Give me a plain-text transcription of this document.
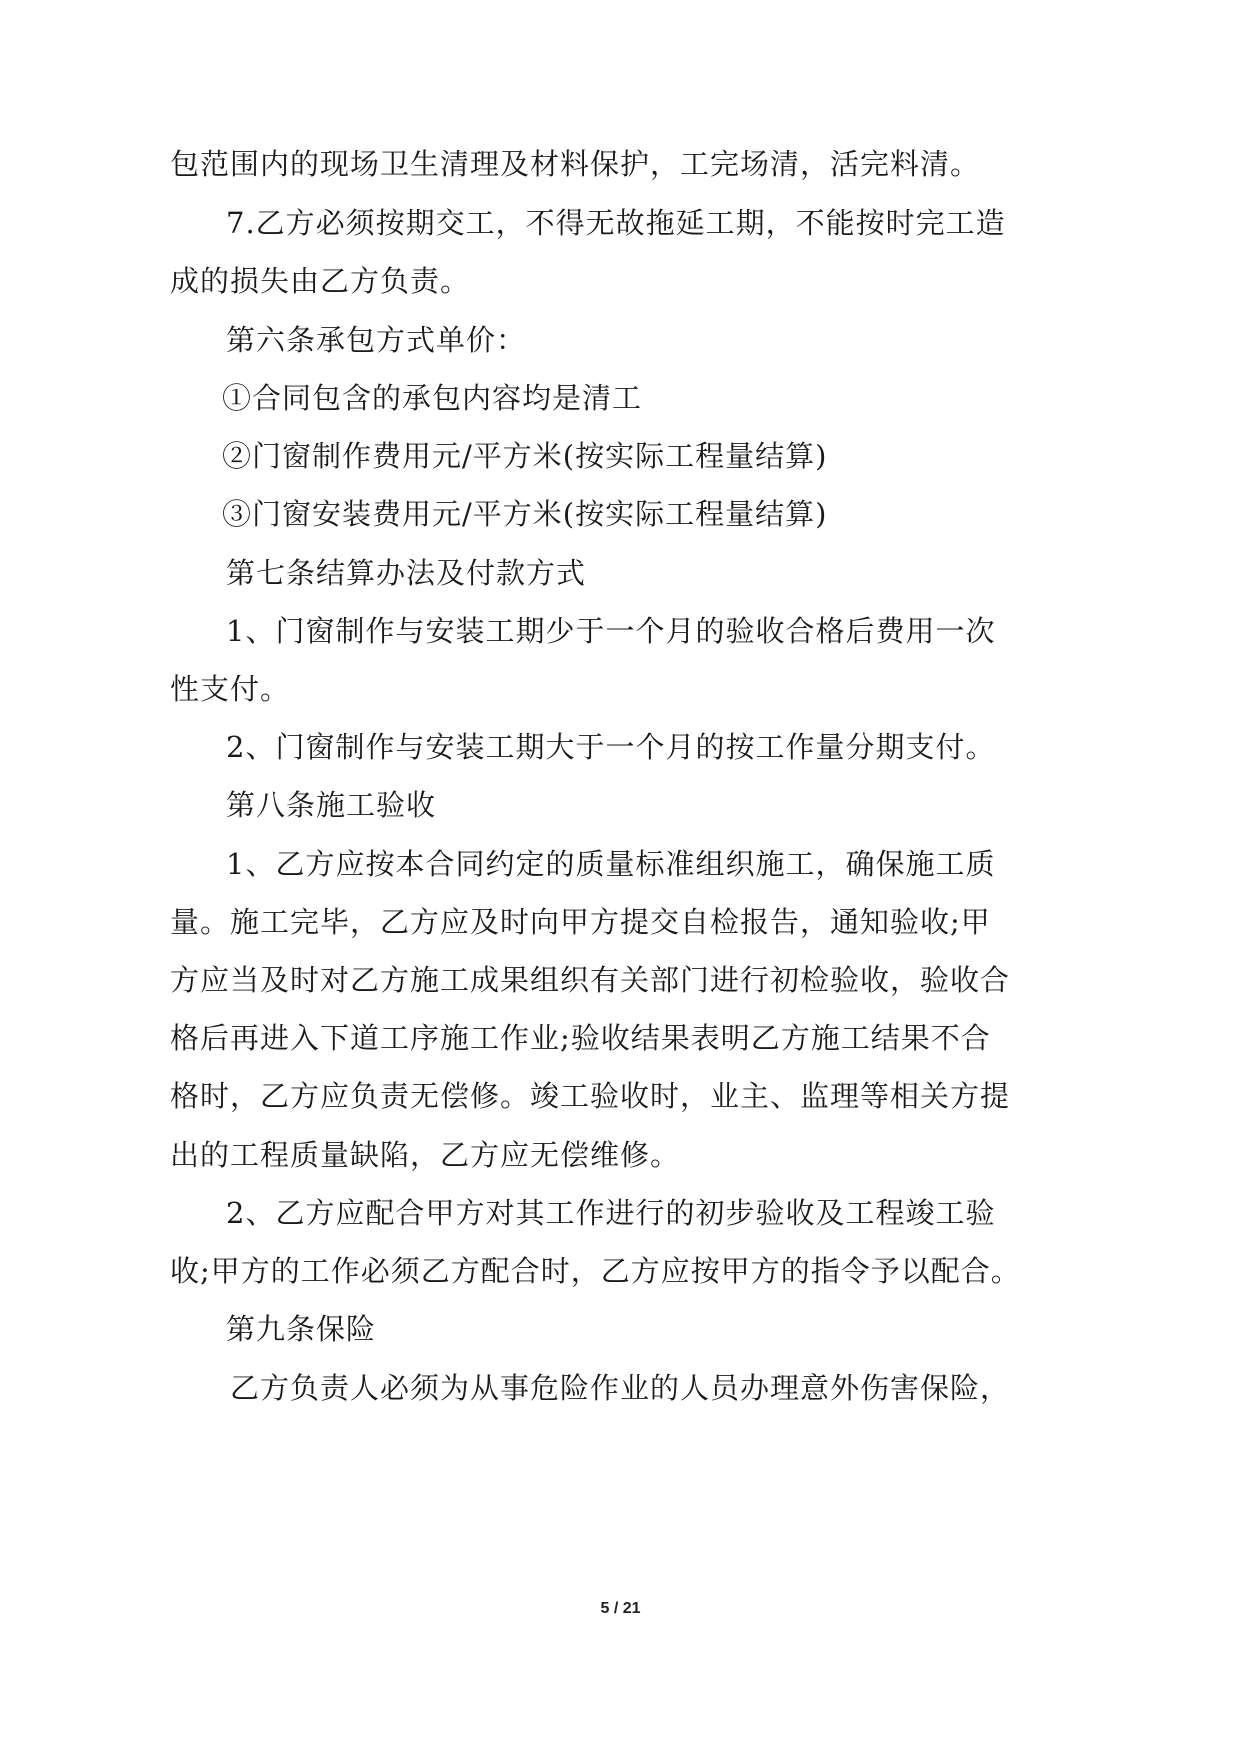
包范围内的现场卫生清理及材料保护，工完场清，活完料清。
7.乙方必须按期交工，不得无故拖延工期，不能按时完工造
成的损失由乙方负责。
第六条承包方式单价：
①合同包含的承包内容均是清工
②门窗制作费用元/平方米(按实际工程量结算)
③门窗安装费用元/平方米(按实际工程量结算)
第七条结算办法及付款方式
1、门窗制作与安装工期少于一个月的验收合格后费用一次
性支付。
2、门窗制作与安装工期大于一个月的按工作量分期支付。
第八条施工验收
1、乙方应按本合同约定的质量标准组织施工，确保施工质
量。施工完毕，乙方应及时向甲方提交自检报告，通知验收;甲
方应当及时对乙方施工成果组织有关部门进行初检验收，验收合
格后再进入下道工序施工作业;验收结果表明乙方施工结果不合
格时，乙方应负责无偿修。竣工验收时，业主、监理等相关方提
出的工程质量缺陷，乙方应无偿维修。
2、乙方应配合甲方对其工作进行的初步验收及工程竣工验
收;甲方的工作必须乙方配合时，乙方应按甲方的指令予以配合。
第九条保险
乙方负责人必须为从事危险作业的人员办理意外伤害保险，
5 / 21
